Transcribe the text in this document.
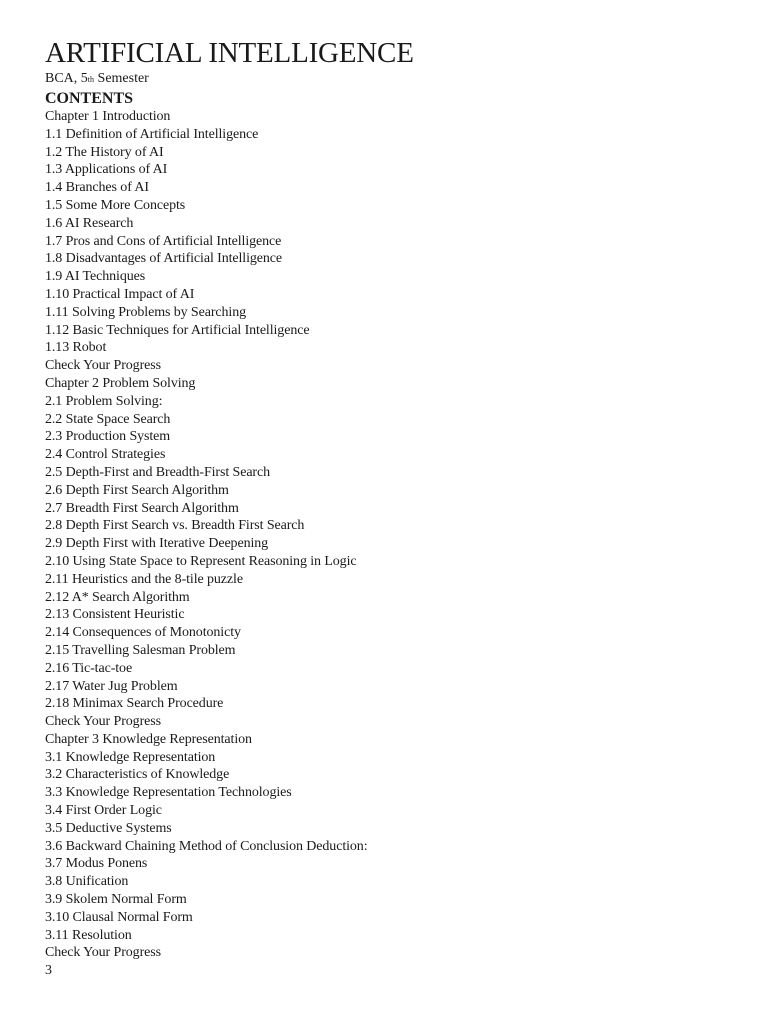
ARTIFICIAL INTELLIGENCE
BCA, 5th Semester
CONTENTS
Chapter 1 Introduction
1.1 Definition of Artificial Intelligence
1.2 The History of AI
1.3 Applications of AI
1.4 Branches of AI
1.5 Some More Concepts
1.6 AI Research
1.7 Pros and Cons of Artificial Intelligence
1.8 Disadvantages of Artificial Intelligence
1.9 AI Techniques
1.10 Practical Impact of AI
1.11 Solving Problems by Searching
1.12 Basic Techniques for Artificial Intelligence
1.13 Robot
Check Your Progress
Chapter 2 Problem Solving
2.1 Problem Solving:
2.2 State Space Search
2.3 Production System
2.4 Control Strategies
2.5 Depth-First and Breadth-First Search
2.6 Depth First Search Algorithm
2.7 Breadth First Search Algorithm
2.8 Depth First Search vs. Breadth First Search
2.9 Depth First with Iterative Deepening
2.10 Using State Space to Represent Reasoning in Logic
2.11 Heuristics and the 8-tile puzzle
2.12 A* Search Algorithm
2.13 Consistent Heuristic
2.14 Consequences of Monotonicty
2.15 Travelling Salesman Problem
2.16 Tic-tac-toe
2.17 Water Jug Problem
2.18 Minimax Search Procedure
Check Your Progress
Chapter 3 Knowledge Representation
3.1 Knowledge Representation
3.2 Characteristics of Knowledge
3.3 Knowledge Representation Technologies
3.4 First Order Logic
3.5 Deductive Systems
3.6 Backward Chaining Method of Conclusion Deduction:
3.7 Modus Ponens
3.8 Unification
3.9 Skolem Normal Form
3.10 Clausal Normal Form
3.11 Resolution
Check Your Progress
3
